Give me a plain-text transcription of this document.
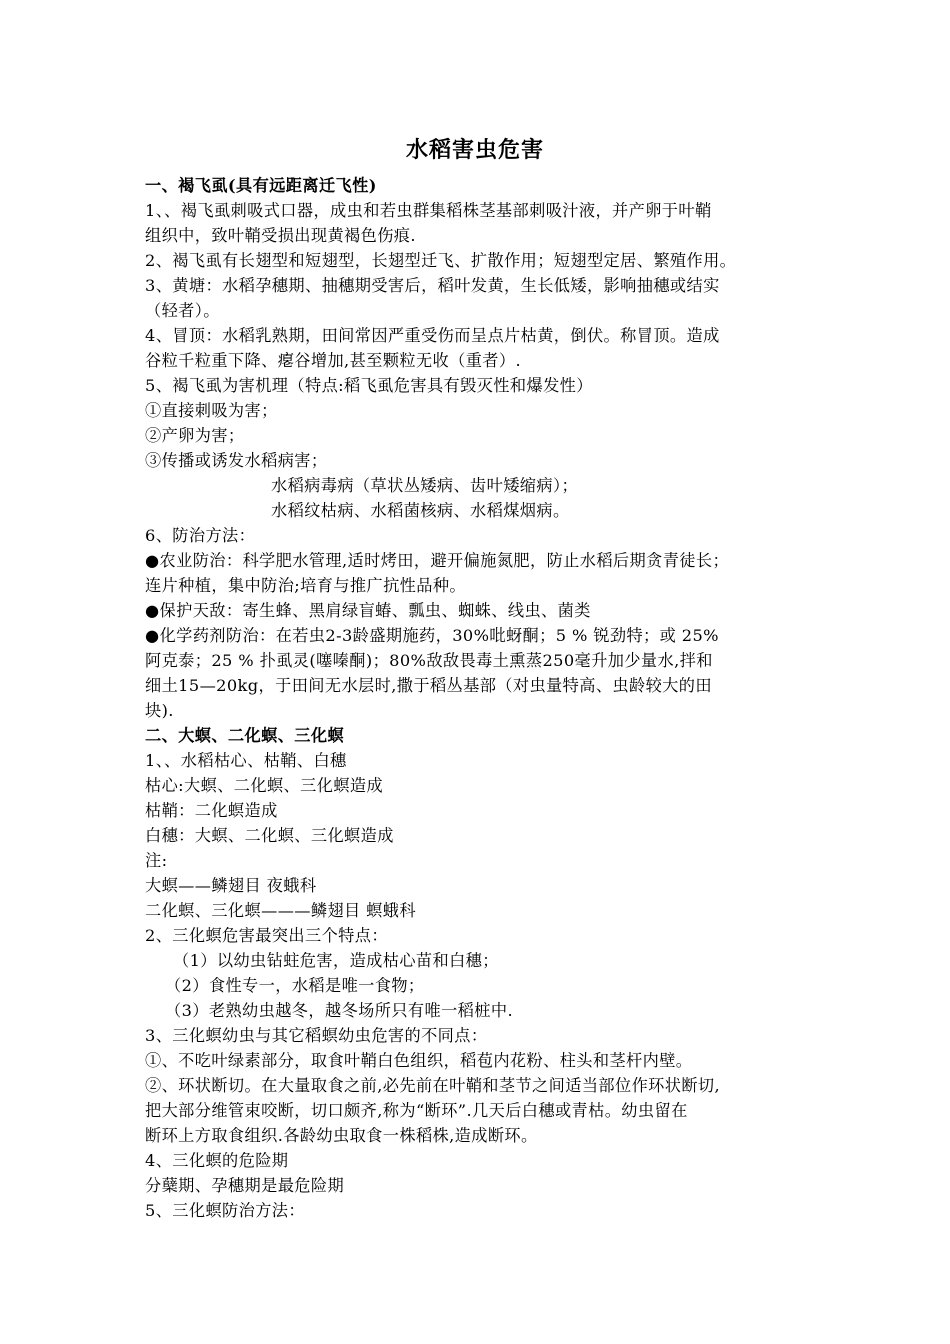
水稻害虫危害
一、褐飞虱(具有远距离迁飞性)
1、、褐飞虱刺吸式口器，成虫和若虫群集稻株茎基部刺吸汁液，并产卵于叶鞘
组织中，致叶鞘受损出现黄褐色伤痕.
2、褐飞虱有长翅型和短翅型，长翅型迁飞、扩散作用；短翅型定居、繁殖作用。
3、黄塘：水稻孕穗期、抽穗期受害后，稻叶发黄，生长低矮，影响抽穗或结实
（轻者）。
4、冒顶：水稻乳熟期，田间常因严重受伤而呈点片枯黄，倒伏。称冒顶。造成
谷粒千粒重下降、瘪谷增加,甚至颗粒无收（重者）.
5、褐飞虱为害机理（特点:稻飞虱危害具有毁灭性和爆发性）
①直接刺吸为害；
②产卵为害；
③传播或诱发水稻病害；
水稻病毒病（草状丛矮病、齿叶矮缩病）；
水稻纹枯病、水稻菌核病、水稻煤烟病。
6、防治方法：
●农业防治：科学肥水管理,适时烤田，避开偏施氮肥，防止水稻后期贪青徒长；
连片种植，集中防治;培育与推广抗性品种。
●保护天敌：寄生蜂、黑肩绿盲蝽、瓢虫、蜘蛛、线虫、菌类
●化学药剂防治：在若虫2-3龄盛期施药，30%吡蚜酮；5 % 锐劲特；或 25%
阿克泰；25 % 扑虱灵(噻嗪酮)；80%敌敌畏毒土熏蒸250毫升加少量水,拌和
细土15—20kg，于田间无水层时,撒于稻丛基部（对虫量特高、虫龄较大的田
块).
二、大螟、二化螟、三化螟
1、、水稻枯心、枯鞘、白穗
枯心:大螟、二化螟、三化螟造成
枯鞘：二化螟造成
白穗：大螟、二化螟、三化螟造成
注:
大螟——鳞翅目 夜蛾科
二化螟、三化螟———鳞翅目 螟蛾科
2、三化螟危害最突出三个特点：
（1）以幼虫钻蛀危害，造成枯心苗和白穗；
（2）食性专一，水稻是唯一食物；
（3）老熟幼虫越冬，越冬场所只有唯一稻桩中.
3、三化螟幼虫与其它稻螟幼虫危害的不同点：
①、不吃叶绿素部分，取食叶鞘白色组织，稻苞内花粉、柱头和茎杆内壁。
②、环状断切。在大量取食之前,必先前在叶鞘和茎节之间适当部位作环状断切,
把大部分维管束咬断，切口颇齐,称为“断环”.几天后白穗或青枯。幼虫留在
断环上方取食组织.各龄幼虫取食一株稻株,造成断环。
4、三化螟的危险期
分蘖期、孕穗期是最危险期
5、三化螟防治方法：
